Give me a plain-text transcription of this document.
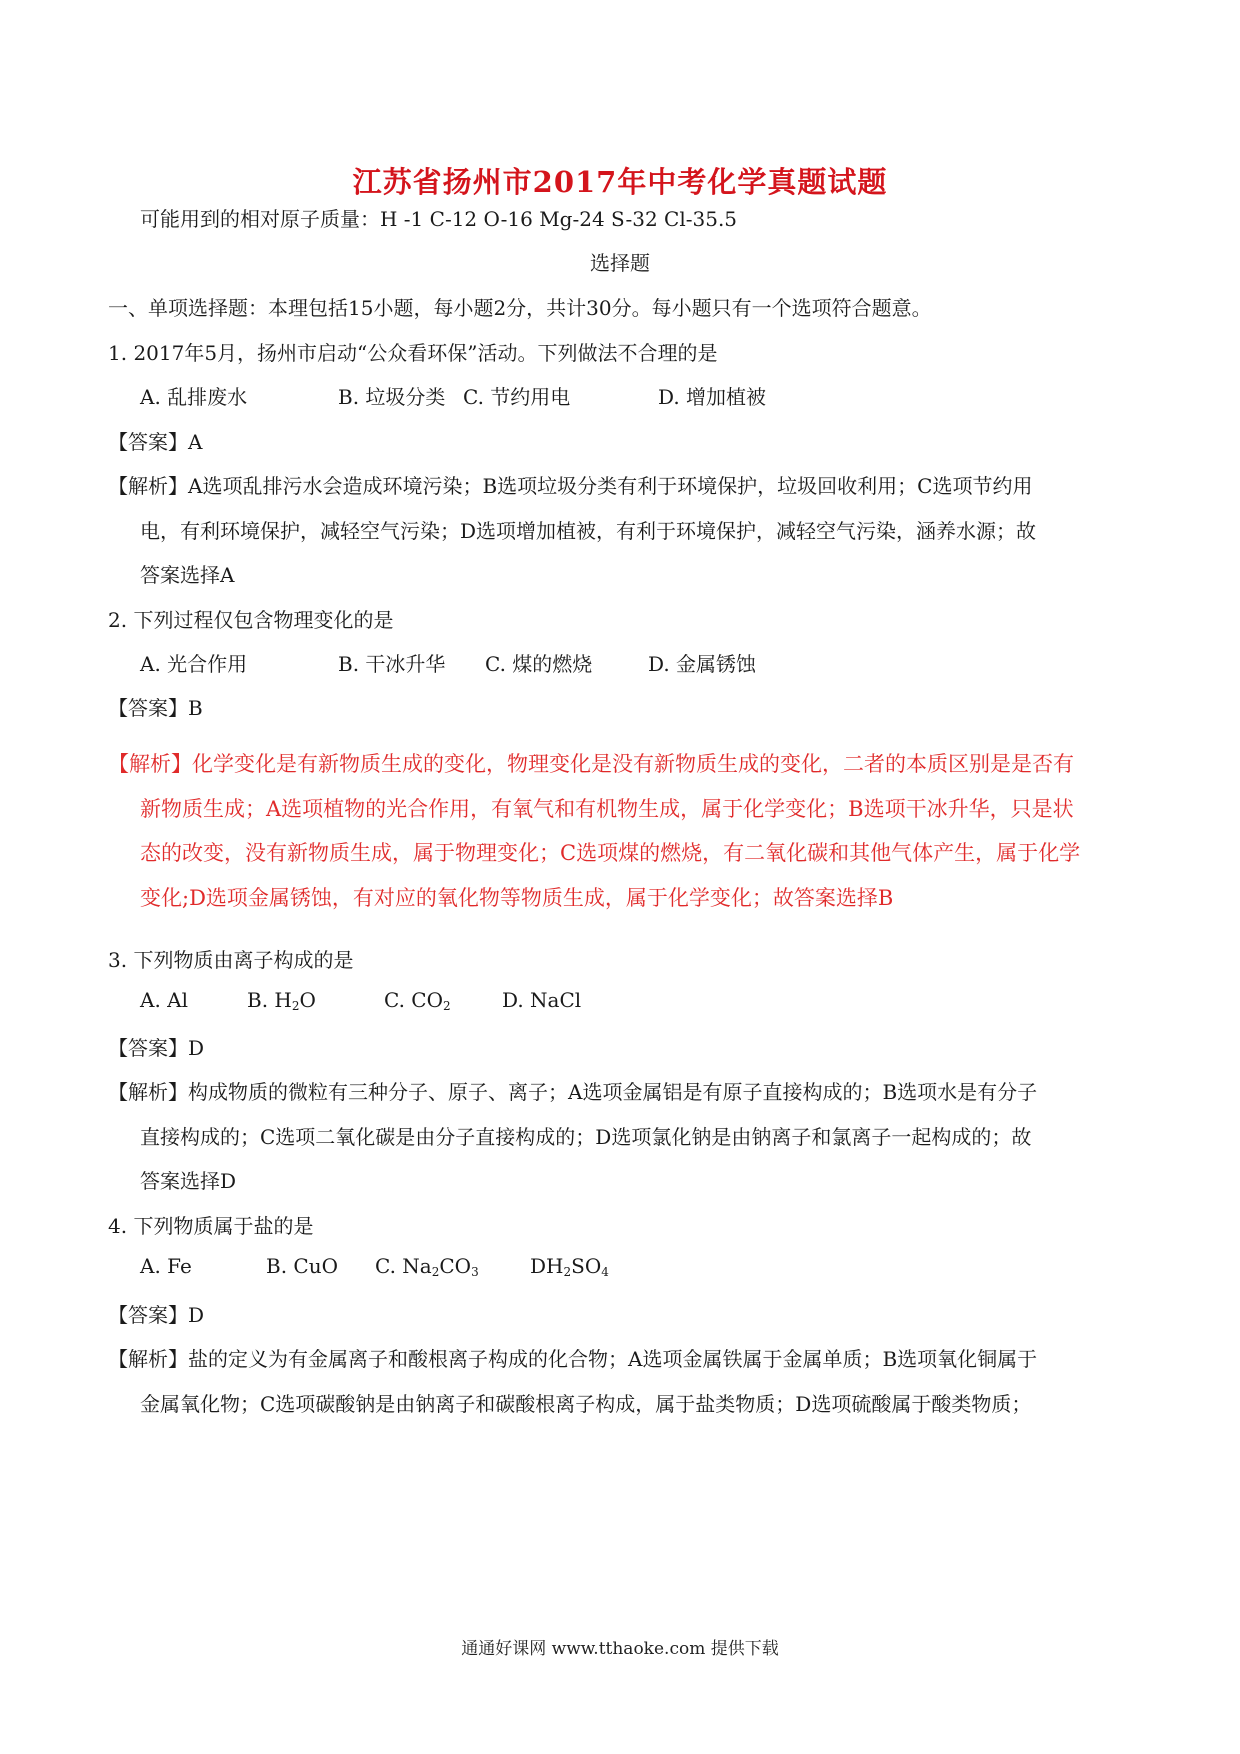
江苏省扬州市2017年中考化学真题试题
可能用到的相对原子质量：H -1 C-12 O-16 Mg-24 S-32 Cl-35.5
选择题
一、单项选择题：本理包括15小题，每小题2分，共计30分。每小题只有一个选项符合题意。
1. 2017年5月，扬州市启动“公众看环保”活动。下列做法不合理的是
A. 乱排废水	B. 垃圾分类 C. 节约用电	D. 增加植被
【答案】A
【解析】A选项乱排污水会造成环境污染；B选项垃圾分类有利于环境保护，垃圾回收利用；C选项节约用
电，有利环境保护，减轻空气污染；D选项增加植被，有利于环境保护，减轻空气污染，涵养水源；故
答案选择A
2. 下列过程仅包含物理变化的是
A. 光合作用	B. 干冰升华 C. 煤的燃烧	D. 金属锈蚀
【答案】B
【解析】化学变化是有新物质生成的变化，物理变化是没有新物质生成的变化，二者的本质区别是是否有
新物质生成；A选项植物的光合作用，有氧气和有机物生成，属于化学变化；B选项干冰升华，只是状
态的改变，没有新物质生成，属于物理变化；C选项煤的燃烧，有二氧化碳和其他气体产生，属于化学
变化;D选项金属锈蚀，有对应的氧化物等物质生成，属于化学变化；故答案选择B
3. 下列物质由离子构成的是
A. Al	B. $H_2O$	C. $CO_2$	D. NaCl
【答案】D
【解析】构成物质的微粒有三种分子、原子、离子；A选项金属铝是有原子直接构成的；B选项水是有分子
直接构成的；C选项二氧化碳是由分子直接构成的；D选项氯化钠是由钠离子和氯离子一起构成的；故
答案选择D
4. 下列物质属于盐的是
A. Fe	B. CuO C. $Na_2CO_3$	$DH_2SO_4$
【答案】D
【解析】盐的定义为有金属离子和酸根离子构成的化合物；A选项金属铁属于金属单质；B选项氧化铜属于
金属氧化物；C选项碳酸钠是由钠离子和碳酸根离子构成，属于盐类物质；D选项硫酸属于酸类物质；
通通好课网 www.tthaoke.com 提供下载
